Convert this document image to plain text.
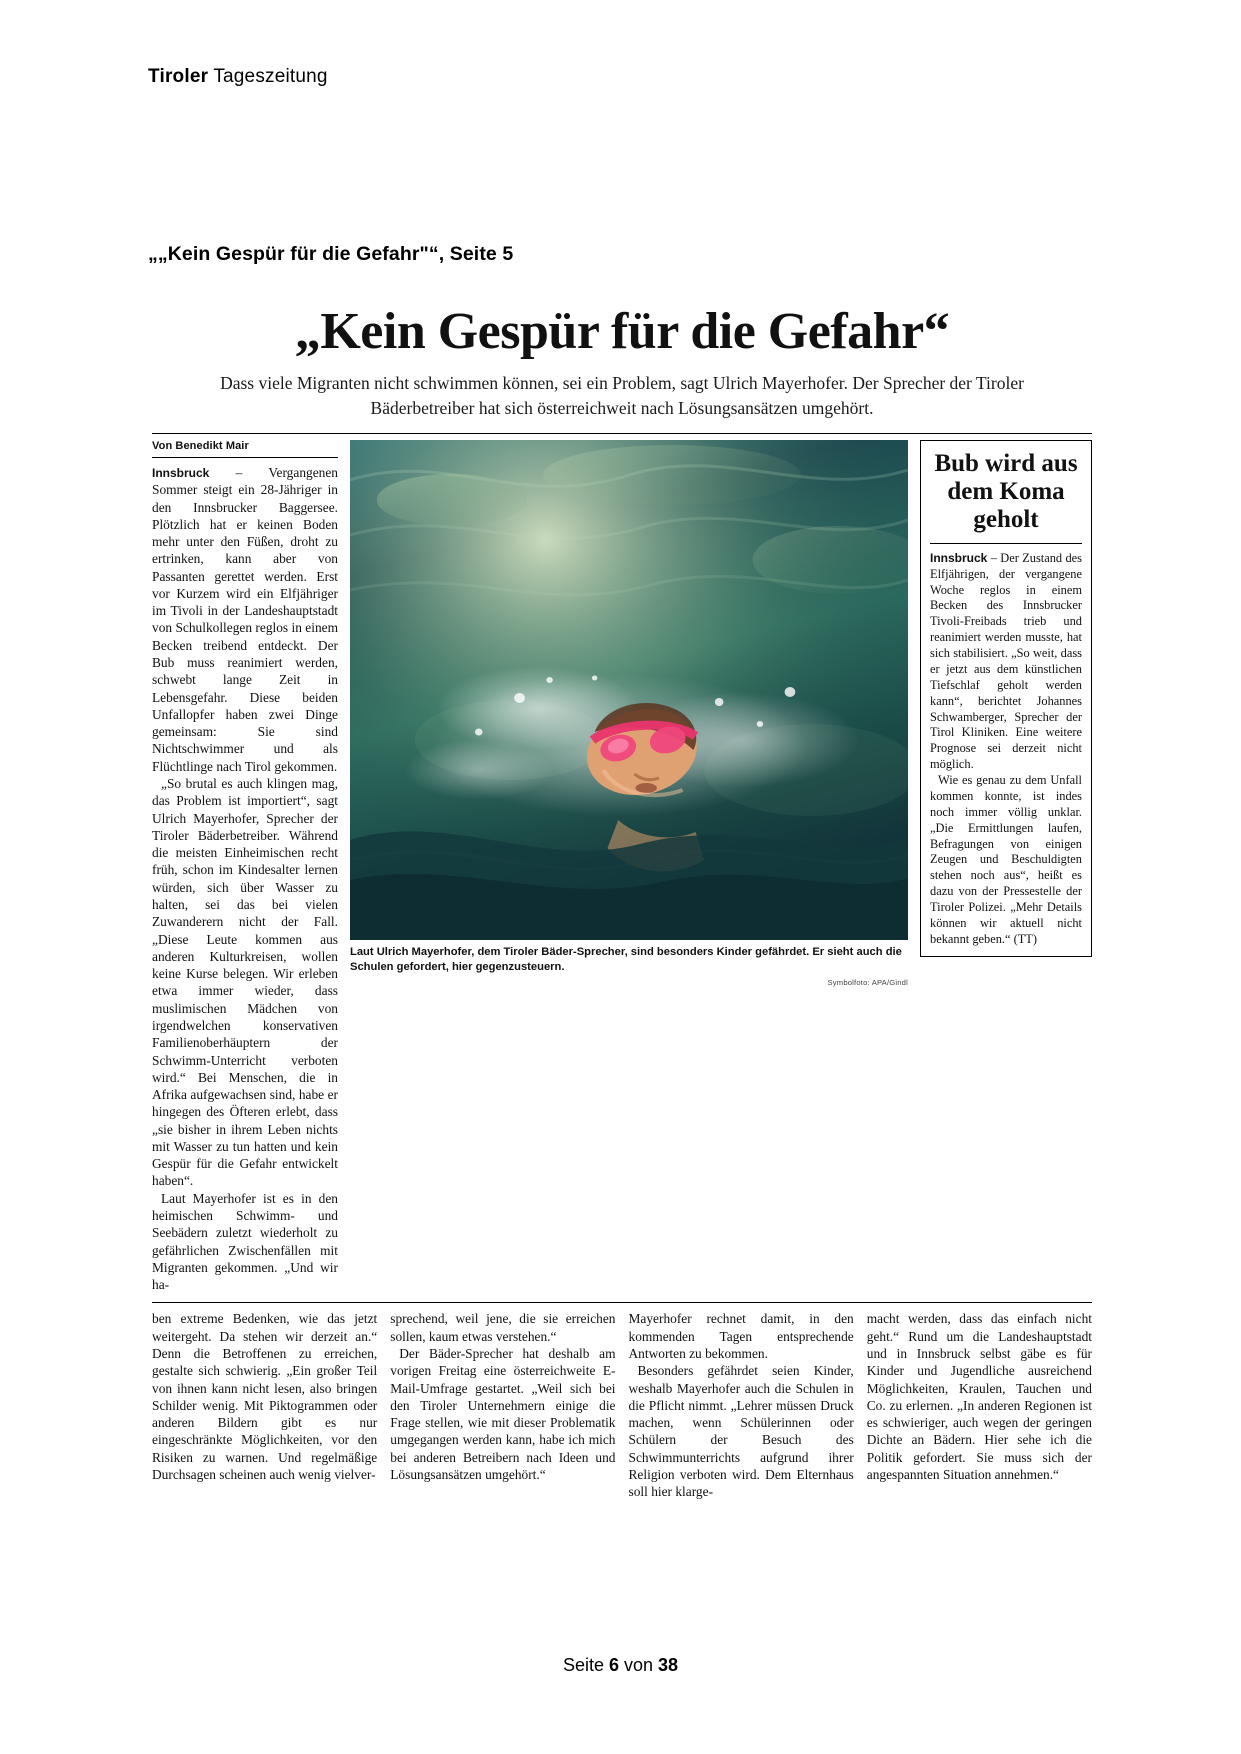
Tiroler Tageszeitung
„„Kein Gespür für die Gefahr"“, Seite 5
„Kein Gespür für die Gefahr“
Dass viele Migranten nicht schwimmen können, sei ein Problem, sagt Ulrich Mayerhofer. Der Sprecher der Tiroler Bäderbetreiber hat sich österreichweit nach Lösungsansätzen umgehört.
Von Benedikt Mair

Innsbruck – Vergangenen Sommer steigt ein 28-Jähriger in den Innsbrucker Baggersee. Plötzlich hat er keinen Boden mehr unter den Füßen, droht zu ertrinken, kann aber von Passanten gerettet werden. Erst vor Kurzem wird ein Elfjähriger im Tivoli in der Landeshauptstadt von Schulkollegen reglos in einem Becken treibend entdeckt. Der Bub muss reanimiert werden, schwebt lange Zeit in Lebensgefahr. Diese beiden Unfallopfer haben zwei Dinge gemeinsam: Sie sind Nichtschwimmer und als Flüchtlinge nach Tirol gekommen.

„So brutal es auch klingen mag, das Problem ist importiert“, sagt Ulrich Mayerhofer, Sprecher der Tiroler Bäderbetreiber. Während die meisten Einheimischen recht früh, schon im Kindesalter lernen würden, sich über Wasser zu halten, sei das bei vielen Zuwanderern nicht der Fall. „Diese Leute kommen aus anderen Kulturkreisen, wollen keine Kurse belegen. Wir erleben etwa immer wieder, dass muslimischen Mädchen von irgendwelchen konservativen Familienoberhäuptern der Schwimm-Unterricht verboten wird.“ Bei Menschen, die in Afrika aufgewachsen sind, habe er hingegen des Öfteren erlebt, dass „sie bisher in ihrem Leben nichts mit Wasser zu tun hatten und kein Gespür für die Gefahr entwickelt haben“.

Laut Mayerhofer ist es in den heimischen Schwimm- und Seebädern zuletzt wiederholt zu gefährlichen Zwischenfällen mit Migranten gekommen. „Und wir ha-

Laut Ulrich Mayerhofer, dem Tiroler Bäder-Sprecher, sind besonders Kinder gefährdet. Er sieht auch die Schulen gefordert, hier gegenzusteuern.
Symbolfoto: APA/Gindl
Bub wird aus dem Koma geholt

Innsbruck – Der Zustand des Elfjährigen, der vergangene Woche reglos in einem Becken des Innsbrucker Tivoli-Freibads trieb und reanimiert werden musste, hat sich stabilisiert. „So weit, dass er jetzt aus dem künstlichen Tiefschlaf geholt werden kann“, berichtet Johannes Schwamberger, Sprecher der Tirol Kliniken. Eine weitere Prognose sei derzeit nicht möglich.

Wie es genau zu dem Unfall kommen konnte, ist indes noch immer völlig unklar. „Die Ermittlungen laufen, Befragungen von einigen Zeugen und Beschuldigten stehen noch aus“, heißt es dazu von der Pressestelle der Tiroler Polizei. „Mehr Details können wir aktuell nicht bekannt geben.“ (TT)

ben extreme Bedenken, wie das jetzt weitergeht. Da stehen wir derzeit an.“ Denn die Betroffenen zu erreichen, gestalte sich schwierig. „Ein großer Teil von ihnen kann nicht lesen, also bringen Schilder wenig. Mit Piktogrammen oder anderen Bildern gibt es nur eingeschränkte Möglichkeiten, vor den Risiken zu warnen. Und regelmäßige Durchsagen scheinen auch wenig vielver-

sprechend, weil jene, die sie erreichen sollen, kaum etwas verstehen.“

Der Bäder-Sprecher hat deshalb am vorigen Freitag eine österreichweite E-Mail-Umfrage gestartet. „Weil sich bei den Tiroler Unternehmern einige die Frage stellen, wie mit dieser Problematik umgegangen werden kann, habe ich mich bei anderen Betreibern nach Ideen und Lösungsansätzen umgehört.“

Mayerhofer rechnet damit, in den kommenden Tagen entsprechende Antworten zu bekommen.

Besonders gefährdet seien Kinder, weshalb Mayerhofer auch die Schulen in die Pflicht nimmt. „Lehrer müssen Druck machen, wenn Schülerinnen oder Schülern der Besuch des Schwimmunterrichts aufgrund ihrer Religion verboten wird. Dem Elternhaus soll hier klarge-

macht werden, dass das einfach nicht geht.“ Rund um die Landeshauptstadt und in Innsbruck selbst gäbe es für Kinder und Jugendliche ausreichend Möglichkeiten, Kraulen, Tauchen und Co. zu erlernen. „In anderen Regionen ist es schwieriger, auch wegen der geringen Dichte an Bädern. Hier sehe ich die Politik gefordert. Sie muss sich der angespannten Situation annehmen.“

Seite 6 von 38
